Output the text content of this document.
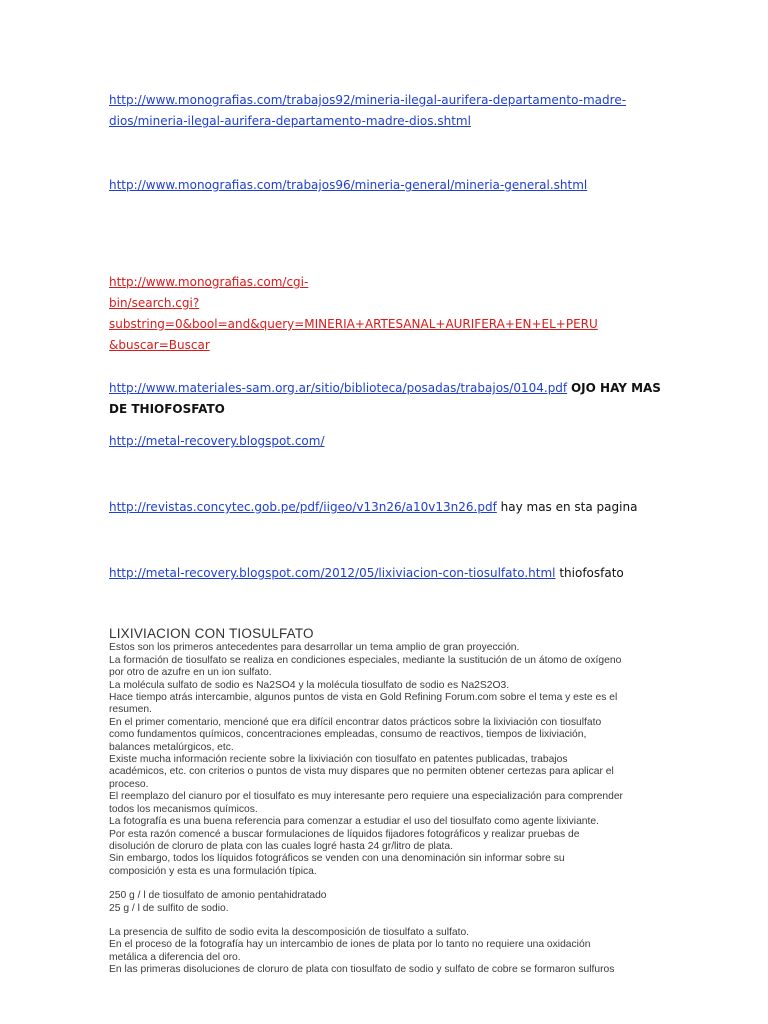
http://www.monografias.com/trabajos92/mineria-ilegal-aurifera-departamento-madre-
dios/mineria-ilegal-aurifera-departamento-madre-dios.shtml
http://www.monografias.com/trabajos96/mineria-general/mineria-general.shtml
http://www.monografias.com/cgi-
bin/search.cgi?substring=0&bool=and&query=MINERIA+ARTESANAL+AURIFERA+EN+EL+PERU
&buscar=Buscar
http://www.materiales-sam.org.ar/sitio/biblioteca/posadas/trabajos/0104.pdf OJO HAY MAS
DE THIOFOSFATO
http://metal-recovery.blogspot.com/
http://revistas.concytec.gob.pe/pdf/iigeo/v13n26/a10v13n26.pdf hay mas en sta pagina
http://metal-recovery.blogspot.com/2012/05/lixiviacion-con-tiosulfato.html thiofosfato
LIXIVIACION CON TIOSULFATO

Estos son los primeros antecedentes para desarrollar un tema amplio de gran proyección.

La formación de tiosulfato se realiza en condiciones especiales, mediante la sustitución de un átomo de oxígeno
por otro de azufre en un ion sulfato.

La molécula sulfato de sodio es Na2SO4 y la molécula tiosulfato de sodio es Na2S2O3.

Hace tiempo atrás intercambie, algunos puntos de vista en Gold Refining Forum.com sobre el tema y este es el
resumen.

En el primer comentario, mencioné que era difícil encontrar datos prácticos sobre la lixiviación con tiosulfato
como fundamentos químicos, concentraciones empleadas, consumo de reactivos, tiempos de lixiviación,
balances metalúrgicos, etc.

Existe mucha información reciente sobre la lixiviación con tiosulfato en patentes publicadas, trabajos
académicos, etc. con criterios o puntos de vista muy dispares que no permiten obtener certezas para aplicar el
proceso.

El reemplazo del cianuro por el tiosulfato es muy interesante pero requiere una especialización para comprender
todos los mecanismos químicos.

La fotografía es una buena referencia para comenzar a estudiar el uso del tiosulfato como agente lixiviante.

Por esta razón comencé a buscar formulaciones de líquidos fijadores fotográficos y realizar pruebas de
disolución de cloruro de plata con las cuales logré hasta 24 gr/litro de plata.

Sin embargo, todos los líquidos fotográficos se venden con una denominación sin informar sobre su
composición y esta es una formulación típica.

250 g / l de tiosulfato de amonio pentahidratado

25 g / l de sulfito de sodio.

La presencia de sulfito de sodio evita la descomposición de tiosulfato a sulfato.

En el proceso de la fotografía hay un intercambio de iones de plata por lo tanto no requiere una oxidación
metálica a diferencia del oro.

En las primeras disoluciones de cloruro de plata con tiosulfato de sodio y sulfato de cobre se formaron sulfuros
